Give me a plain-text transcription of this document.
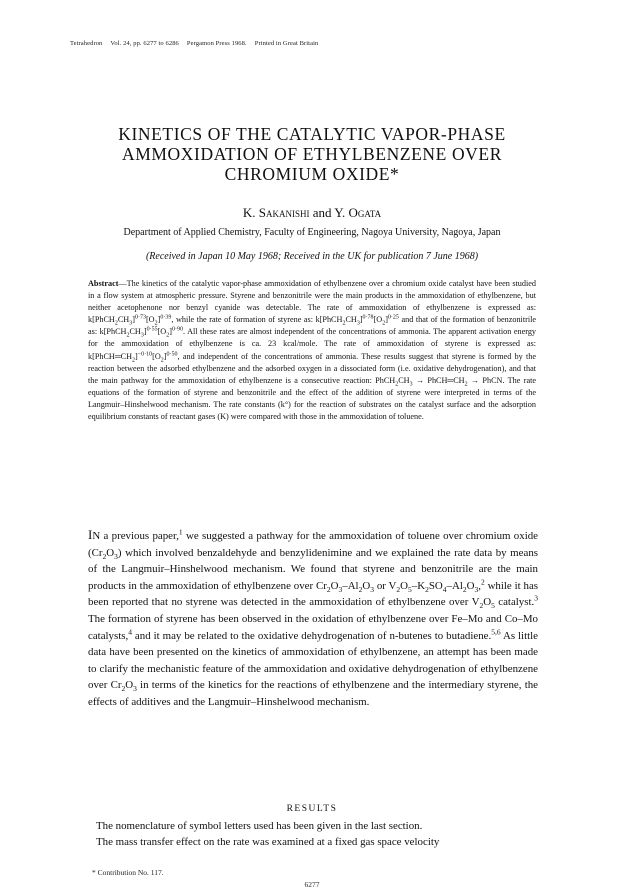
Tetrahedron Vol. 24, pp. 6277 to 6286 Pergamon Press 1968. Printed in Great Britain
KINETICS OF THE CATALYTIC VAPOR-PHASE
AMMOXIDATION OF ETHYLBENZENE OVER
CHROMIUM OXIDE*
K. Sakanishi and Y. Ogata
Department of Applied Chemistry, Faculty of Engineering, Nagoya University, Nagoya, Japan
(Received in Japan 10 May 1968; Received in the UK for publication 7 June 1968)
Abstract—The kinetics of the catalytic vapor-phase ammoxidation of ethylbenzene over a chromium oxide catalyst have been studied in a flow system at atmospheric pressure. Styrene and benzonitrile were the main products in the ammoxidation of ethylbenzene, but neither acetophenone nor benzyl cyanide was detectable. The rate of ammoxidation of ethylbenzene is expressed as: $k[PhCH_2CH_3]^{0\cdot 73}[O_2]^{0\cdot 39}$, while the rate of formation of styrene as: $k[PhCH_2CH_3]^{0\cdot 78}[O_2]^{0\cdot 25}$ and that of the formation of benzonitrile as: $k[PhCH_2CH_3]^{0\cdot 55}[O_2]^{0\cdot 90}$. All these rates are almost independent of the concentrations of ammonia. The apparent activation energy for the ammoxidation of ethylbenzene is ca. 23 kcal/mole. The rate of ammoxidation of styrene is expressed as: $k[PhCH═CH_2]^{-0\cdot 10}[O_2]^{0\cdot 50}$, and independent of the concentrations of ammonia. These results suggest that styrene is formed by the reaction between the adsorbed ethylbenzene and the adsorbed oxygen in a dissociated form (i.e. oxidative dehydrogenation), and that the main pathway for the ammoxidation of ethylbenzene is a consecutive reaction: $PhCH_2CH_3$ → $PhCH═CH_2$ → PhCN. The rate equations of the formation of styrene and benzonitrile and the effect of the addition of styrene were interpreted in terms of the Langmuir–Hinshelwood mechanism. The rate constants (k°) for the reaction of substrates on the catalyst surface and the adsorption equilibrium constants of reactant gases (K) were compared with those in the ammoxidation of toluene.
IN a previous paper,$^1$ we suggested a pathway for the ammoxidation of toluene over chromium oxide $(Cr_2O_3)$ which involved benzaldehyde and benzylidenimine and we explained the rate data by means of the Langmuir–Hinshelwood mechanism. We found that styrene and benzonitrile are the main products in the ammoxidation of ethylbenzene over $Cr_2O_3-Al_2O_3$ or $V_2O_5-K_2SO_4-Al_2O_3,^2$ while it has been reported that no styrene was detected in the ammoxidation of ethylbenzene over $V_2O_5$ catalyst.$^3$ The formation of styrene has been observed in the oxidation of ethylbenzene over Fe–Mo and Co–Mo catalysts,$^4$ and it may be related to the oxidative dehydrogenation of n-butenes to butadiene.$^{5,6}$ As little data have been presented on the kinetics of ammoxidation of ethylbenzene, an attempt has been made to clarify the mechanistic feature of the ammoxidation and oxidative dehydrogenation of ethylbenzene over $Cr_2O_3$ in terms of the kinetics for the reactions of ethylbenzene and the intermediary styrene, the effects of additives and the Langmuir–Hinshelwood mechanism.
RESULTS
The nomenclature of symbol letters used has been given in the last section.
The mass transfer effect on the rate was examined at a fixed gas space velocity
* Contribution No. 117.
6277
